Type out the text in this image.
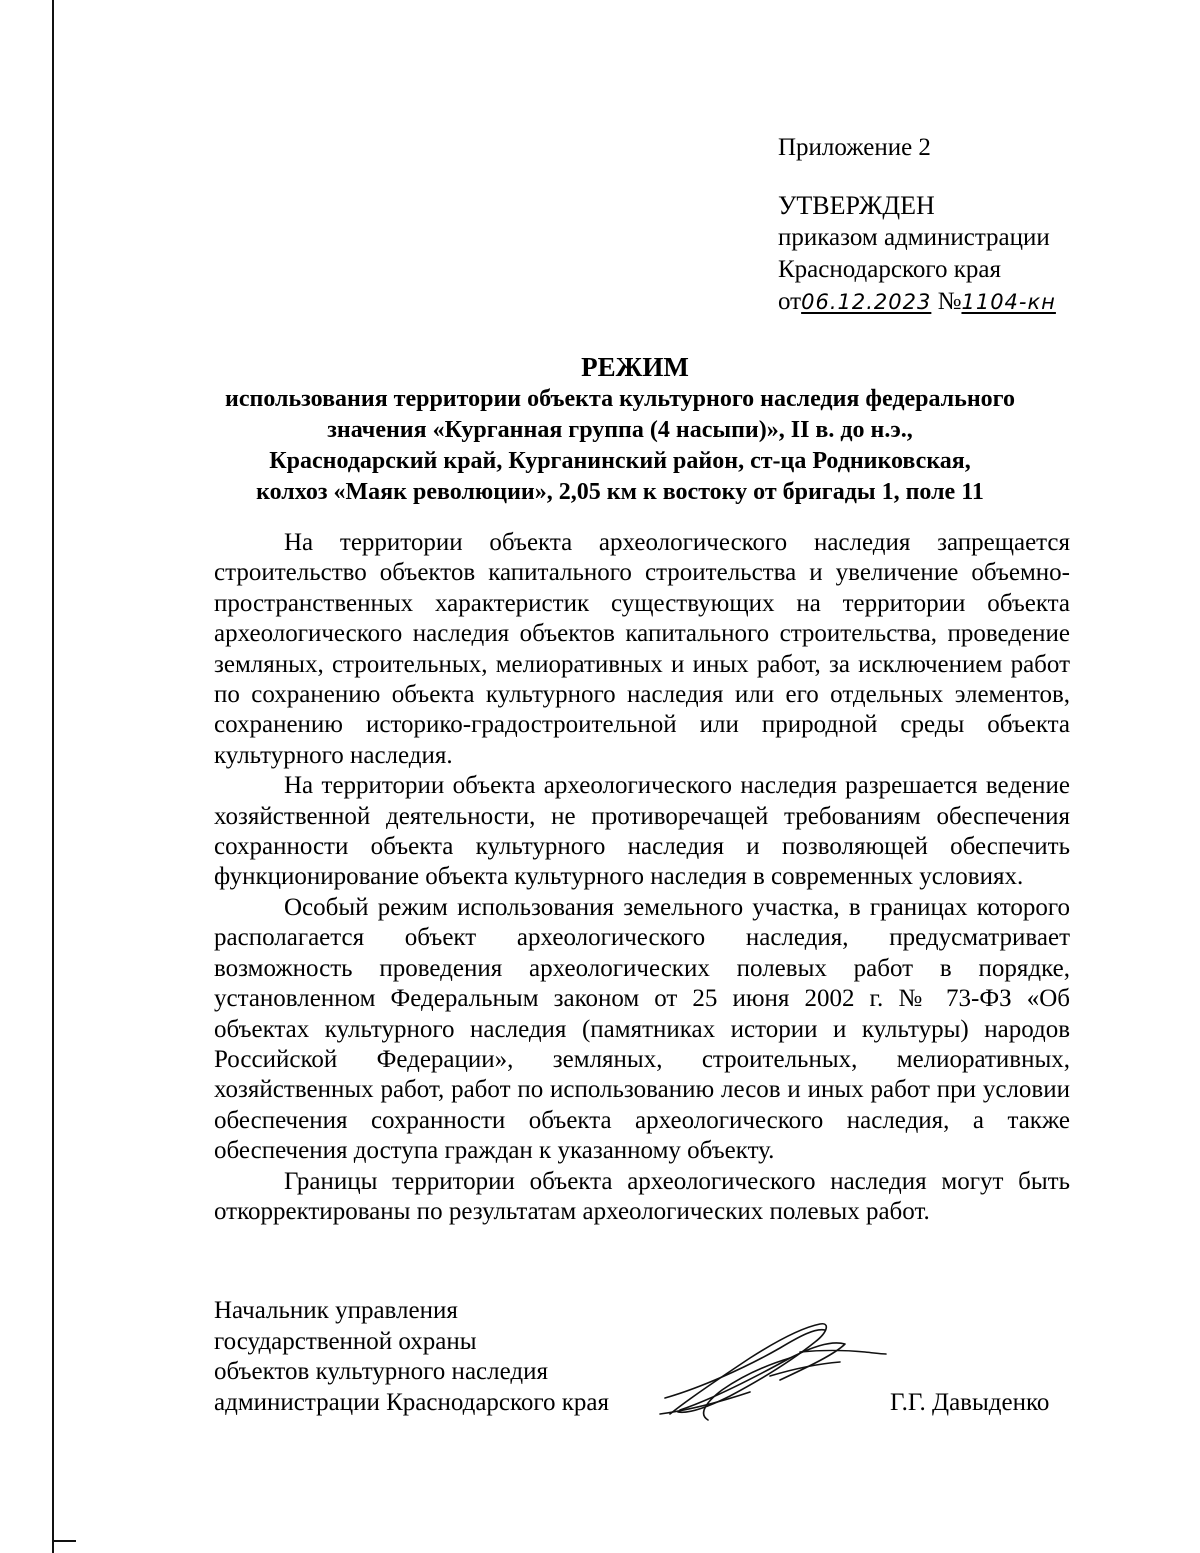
Приложение 2
УТВЕРЖДЕН
приказом администрации
Краснодарского края
от06.12.2023 №1104-кн
РЕЖИМ
использования территории объекта культурного наследия федерального
значения «Курганная группа (4 насыпи)», II в. до н.э.,
Краснодарский край, Курганинский район, ст-ца Родниковская,
колхоз «Маяк революции», 2,05 км к востоку от бригады 1, поле 11

На территории объекта археологического наследия запрещается строительство объектов капитального строительства и увеличение объемно-пространственных характеристик существующих на территории объекта археологического наследия объектов капитального строительства, проведение земляных, строительных, мелиоративных и иных работ, за исключением работ по сохранению объекта культурного наследия или его отдельных элементов, сохранению историко-градостроительной или природной среды объекта культурного наследия.

На территории объекта археологического наследия разрешается ведение хозяйственной деятельности, не противоречащей требованиям обеспечения сохранности объекта культурного наследия и позволяющей обеспечить функционирование объекта культурного наследия в современных условиях.

Особый режим использования земельного участка, в границах которого располагается объект археологического наследия, предусматривает возможность проведения археологических полевых работ в порядке, установленном Федеральным законом от 25 июня 2002 г. № 73-ФЗ «Об объектах культурного наследия (памятниках истории и культуры) народов Российской Федерации», земляных, строительных, мелиоративных, хозяйственных работ, работ по использованию лесов и иных работ при условии обеспечения сохранности объекта археологического наследия, а также обеспечения доступа граждан к указанному объекту.

Границы территории объекта археологического наследия могут быть откорректированы по результатам археологических полевых работ.

Начальник управления
государственной охраны
объектов культурного наследия
администрации Краснодарского края	Г.Г. Давыденко
